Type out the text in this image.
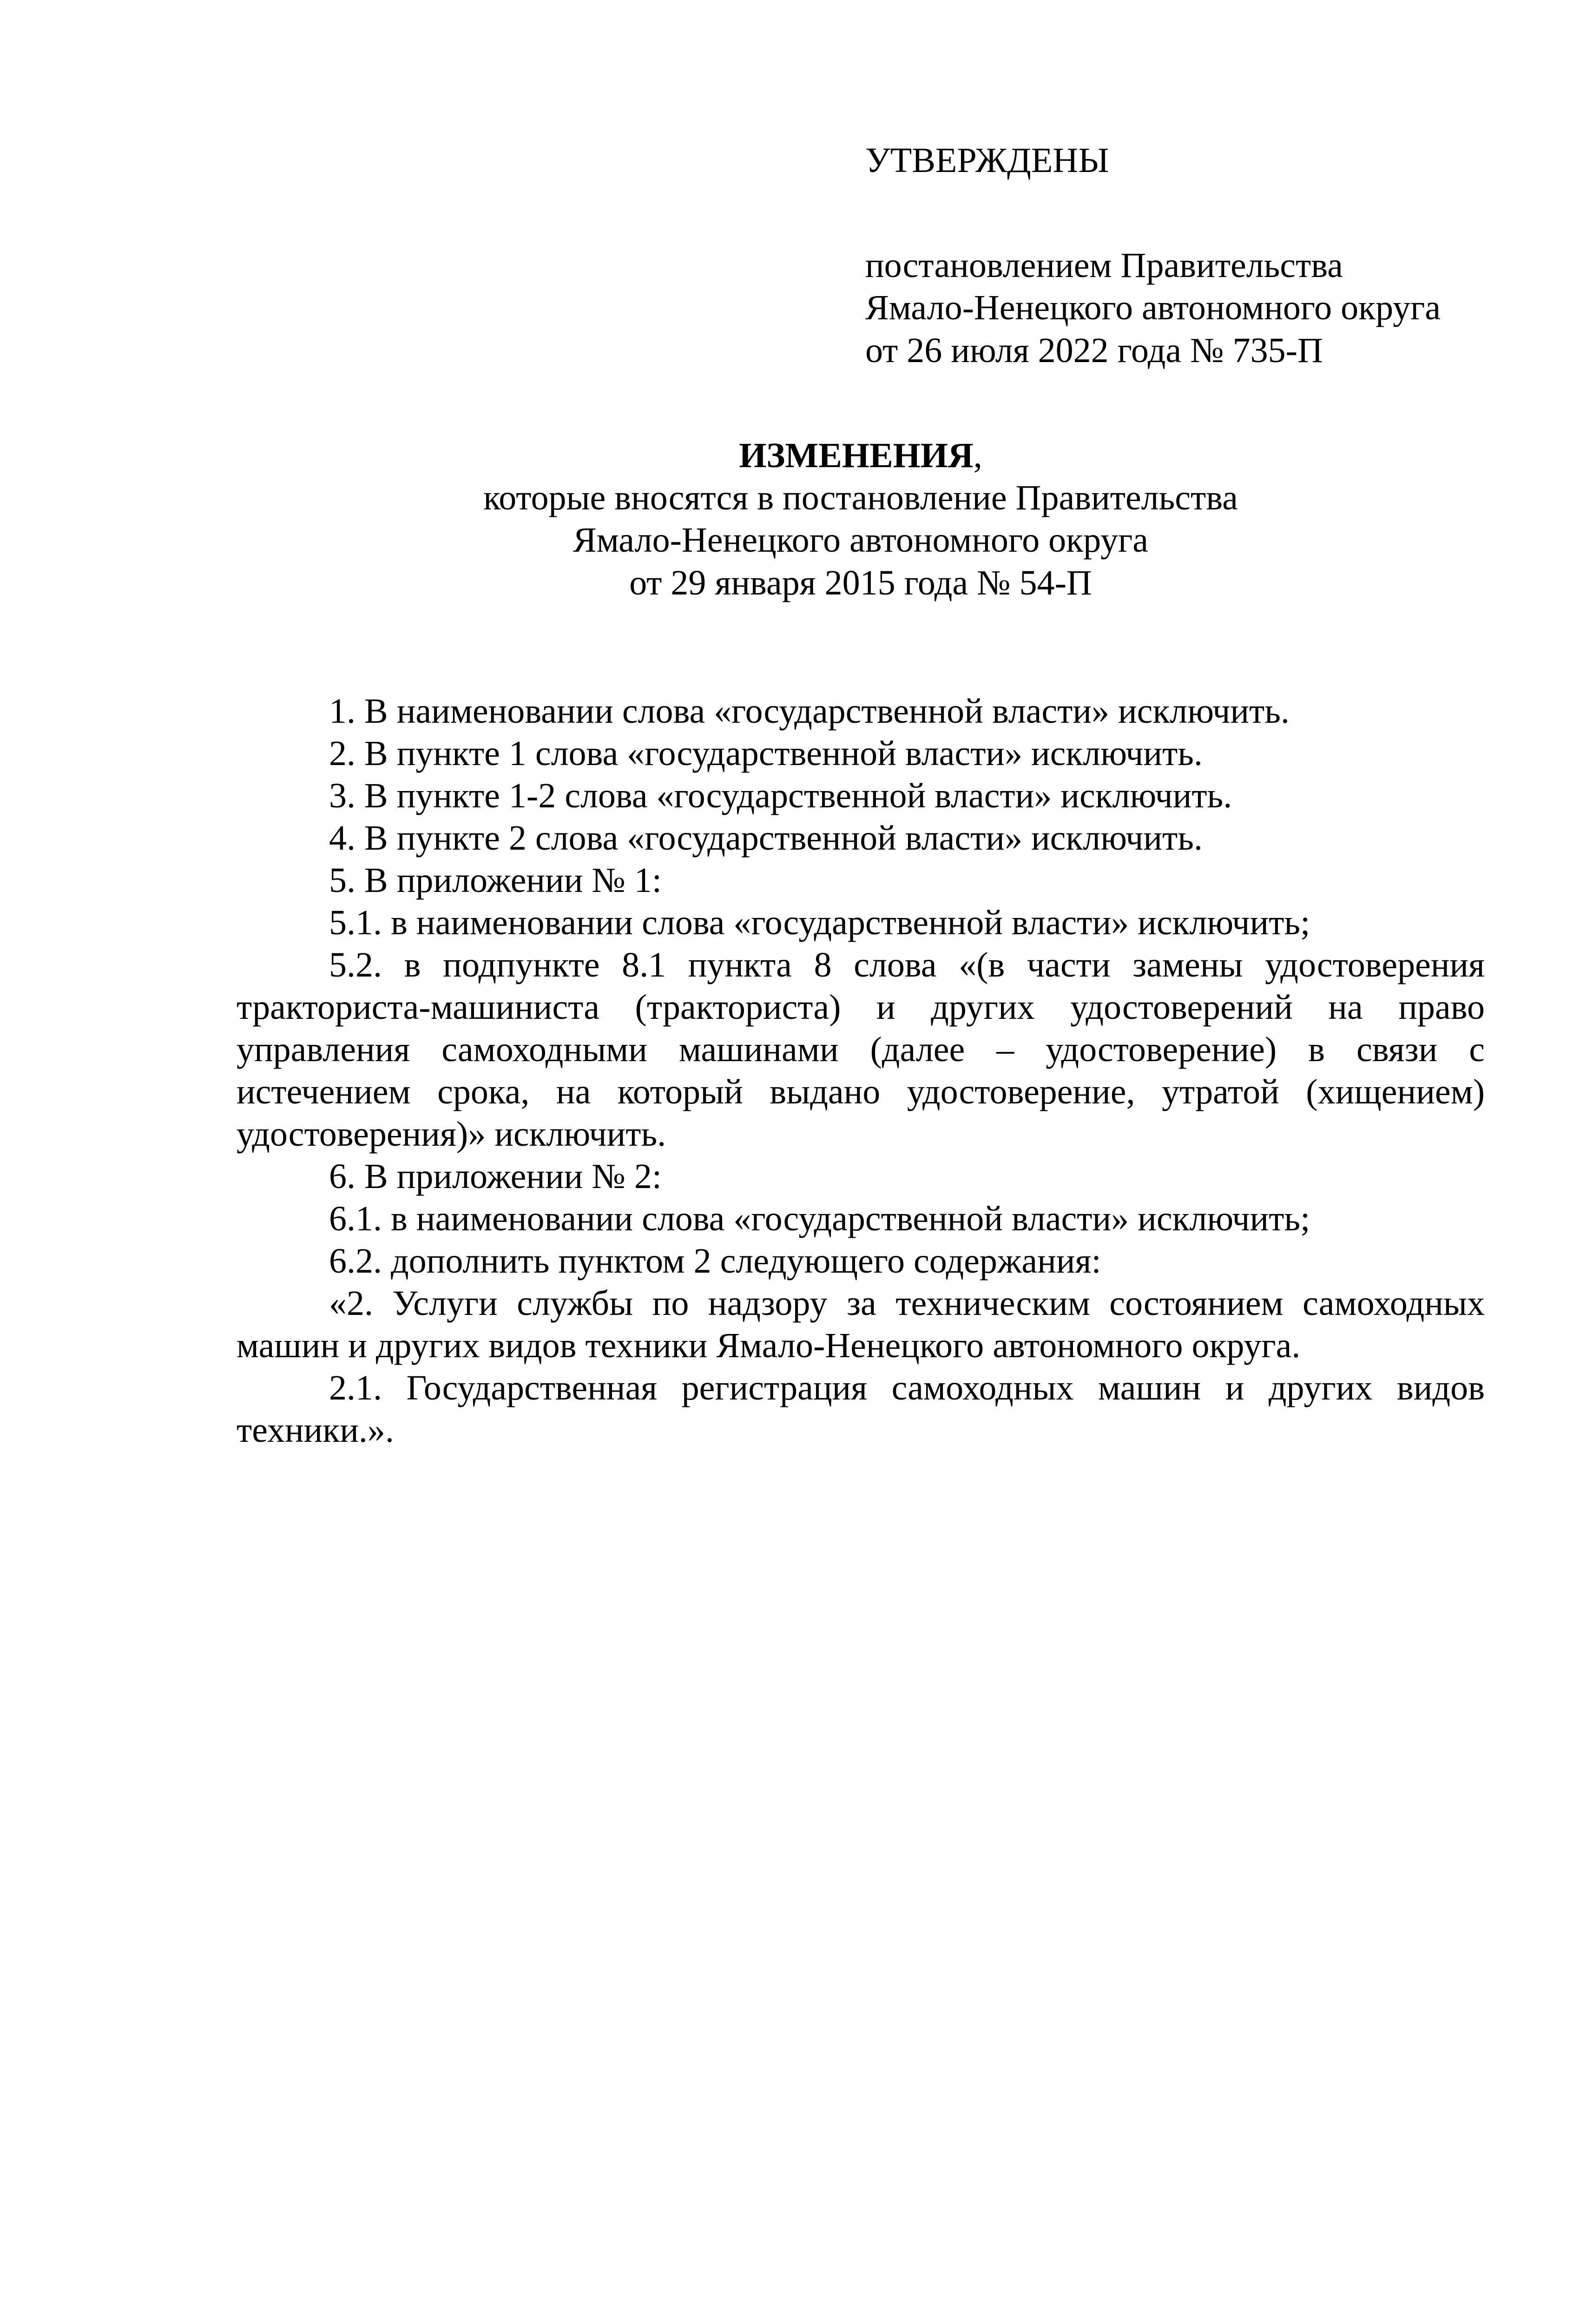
УТВЕРЖДЕНЫ

постановлением Правительства

Ямало-Ненецкого автономного округа

от 26 июля 2022 года № 735-П

ИЗМЕНЕНИЯ,

которые вносятся в постановление Правительства

Ямало-Ненецкого автономного округа

от 29 января 2015 года № 54-П

1. В наименовании слова «государственной власти» исключить.

2. В пункте 1 слова «государственной власти» исключить.

3. В пункте 1-2 слова «государственной власти» исключить.

4. В пункте 2 слова «государственной власти» исключить.

5. В приложении № 1:

5.1. в наименовании слова «государственной власти» исключить;

5.2. в подпункте 8.1 пункта 8 слова «(в части замены удостоверения тракториста-машиниста (тракториста) и других удостоверений на право управления самоходными машинами (далее – удостоверение) в связи с истечением срока, на который выдано удостоверение, утратой (хищением) удостоверения)» исключить.

6. В приложении № 2:

6.1. в наименовании слова «государственной власти» исключить;

6.2. дополнить пунктом 2 следующего содержания:

«2. Услуги службы по надзору за техническим состоянием самоходных машин и других видов техники Ямало-Ненецкого автономного округа.

2.1. Государственная регистрация самоходных машин и других видов техники.».
